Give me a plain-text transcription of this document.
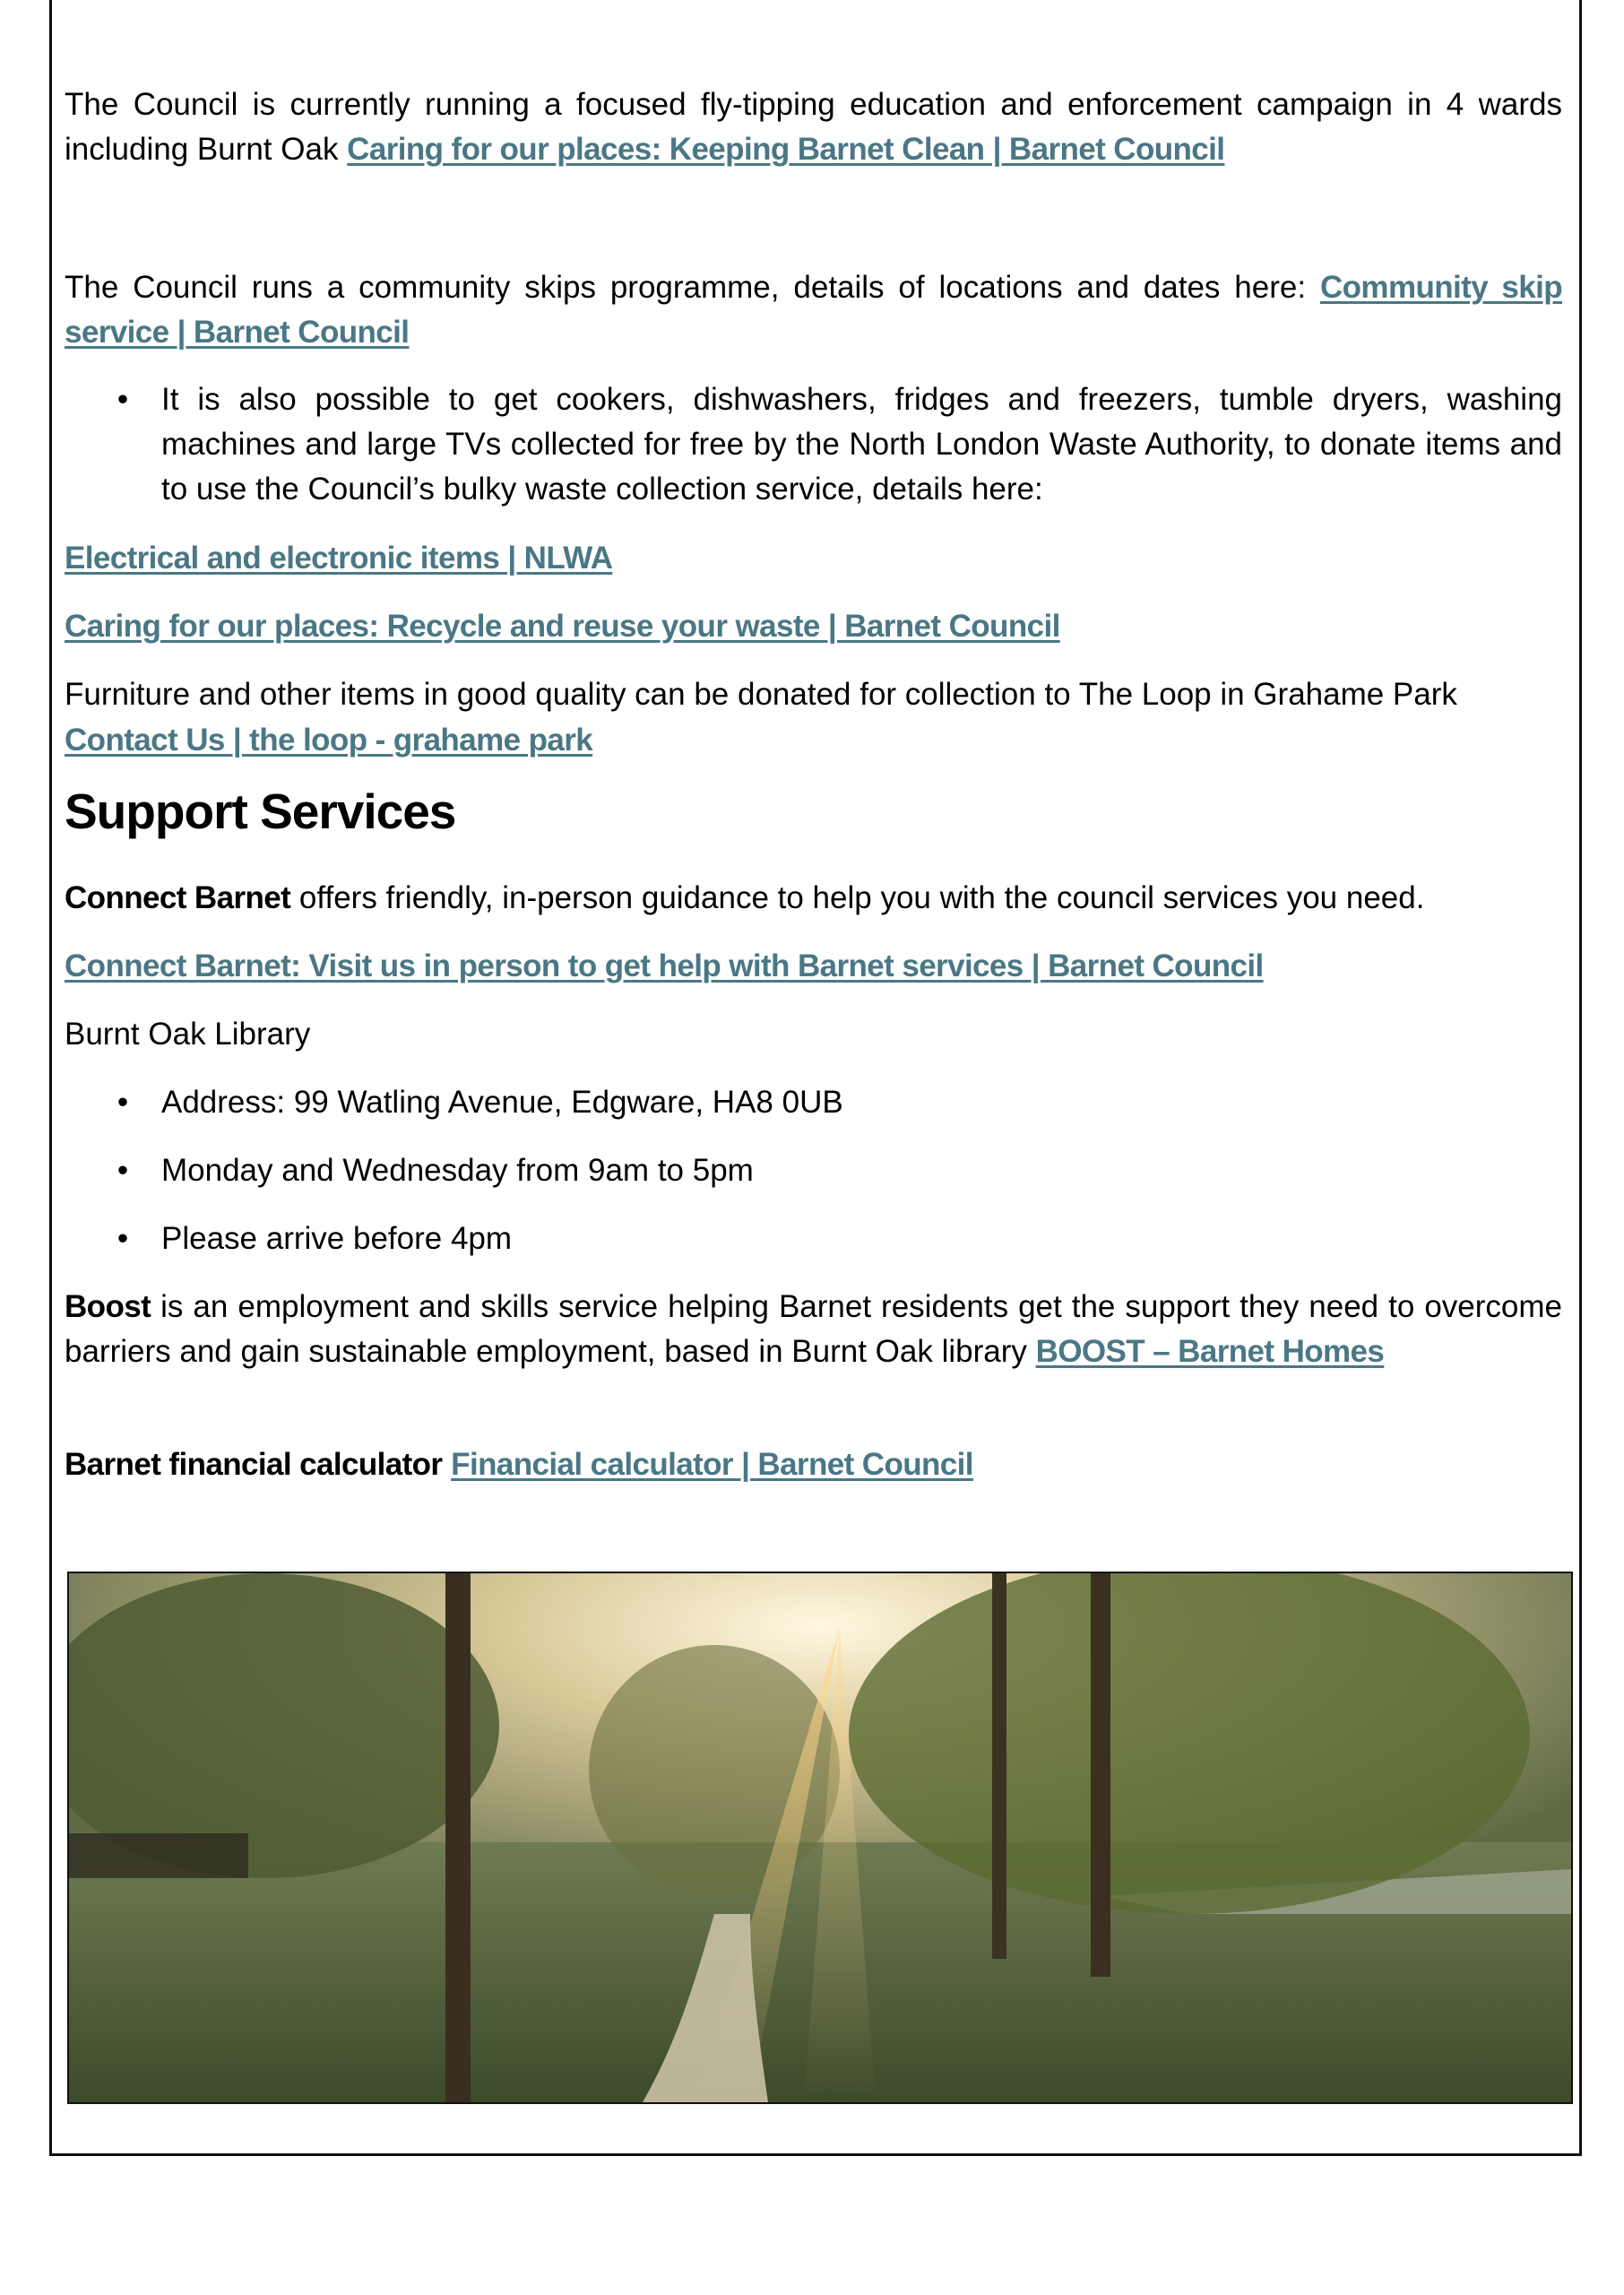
The Council is currently running a focused fly-tipping education and enforcement campaign in 4 wards including Burnt Oak Caring for our places: Keeping Barnet Clean | Barnet Council
The Council runs a community skips programme, details of locations and dates here: Community skip service | Barnet Council
• It is also possible to get cookers, dishwashers, fridges and freezers, tumble dryers, washing machines and large TVs collected for free by the North London Waste Authority, to donate items and to use the Council’s bulky waste collection service, details here:
Electrical and electronic items | NLWA
Caring for our places: Recycle and reuse your waste | Barnet Council
Furniture and other items in good quality can be donated for collection to The Loop in Grahame Park
Contact Us | the loop - grahame park
Support Services
Connect Barnet offers friendly, in-person guidance to help you with the council services you need.
Connect Barnet: Visit us in person to get help with Barnet services | Barnet Council
Burnt Oak Library
• Address: 99 Watling Avenue, Edgware, HA8 0UB
• Monday and Wednesday from 9am to 5pm
• Please arrive before 4pm
Boost is an employment and skills service helping Barnet residents get the support they need to overcome barriers and gain sustainable employment, based in Burnt Oak library BOOST – Barnet Homes
Barnet financial calculator Financial calculator | Barnet Council
